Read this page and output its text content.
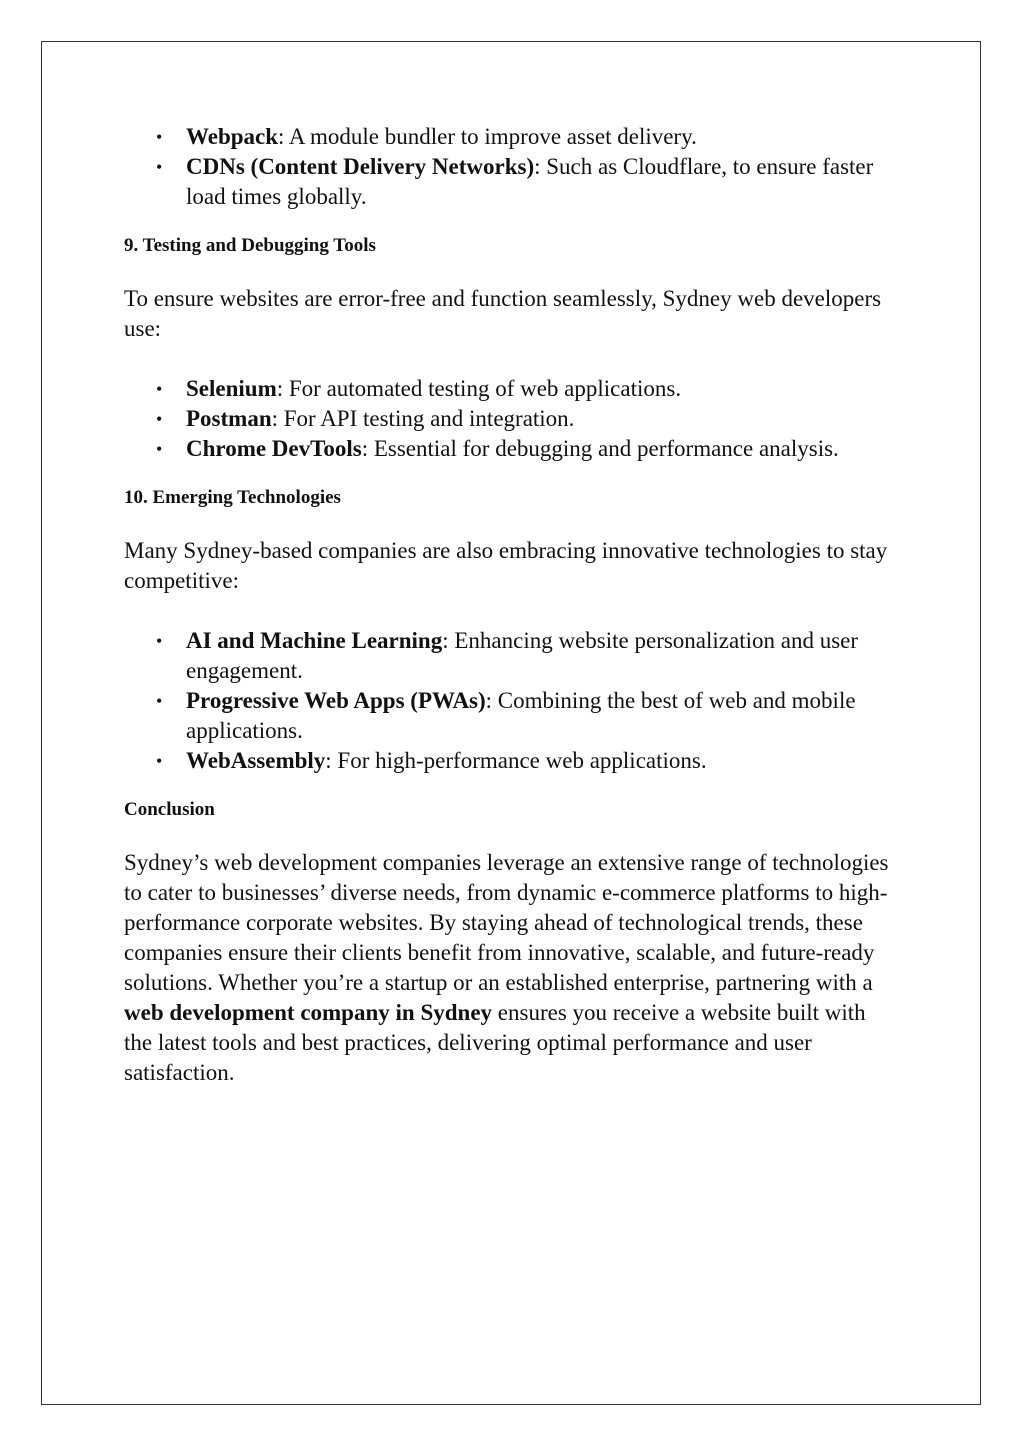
• Webpack: A module bundler to improve asset delivery.
• CDNs (Content Delivery Networks): Such as Cloudflare, to ensure faster load times globally.
9. Testing and Debugging Tools

To ensure websites are error-free and function seamlessly, Sydney web developers use:

• Selenium: For automated testing of web applications.
• Postman: For API testing and integration.
• Chrome DevTools: Essential for debugging and performance analysis.
10. Emerging Technologies

Many Sydney-based companies are also embracing innovative technologies to stay competitive:

• AI and Machine Learning: Enhancing website personalization and user engagement.
• Progressive Web Apps (PWAs): Combining the best of web and mobile applications.
• WebAssembly: For high-performance web applications.
Conclusion

Sydney’s web development companies leverage an extensive range of technologies to cater to businesses’ diverse needs, from dynamic e-commerce platforms to high-performance corporate websites. By staying ahead of technological trends, these companies ensure their clients benefit from innovative, scalable, and future-ready solutions. Whether you’re a startup or an established enterprise, partnering with a web development company in Sydney ensures you receive a website built with the latest tools and best practices, delivering optimal performance and user satisfaction.
